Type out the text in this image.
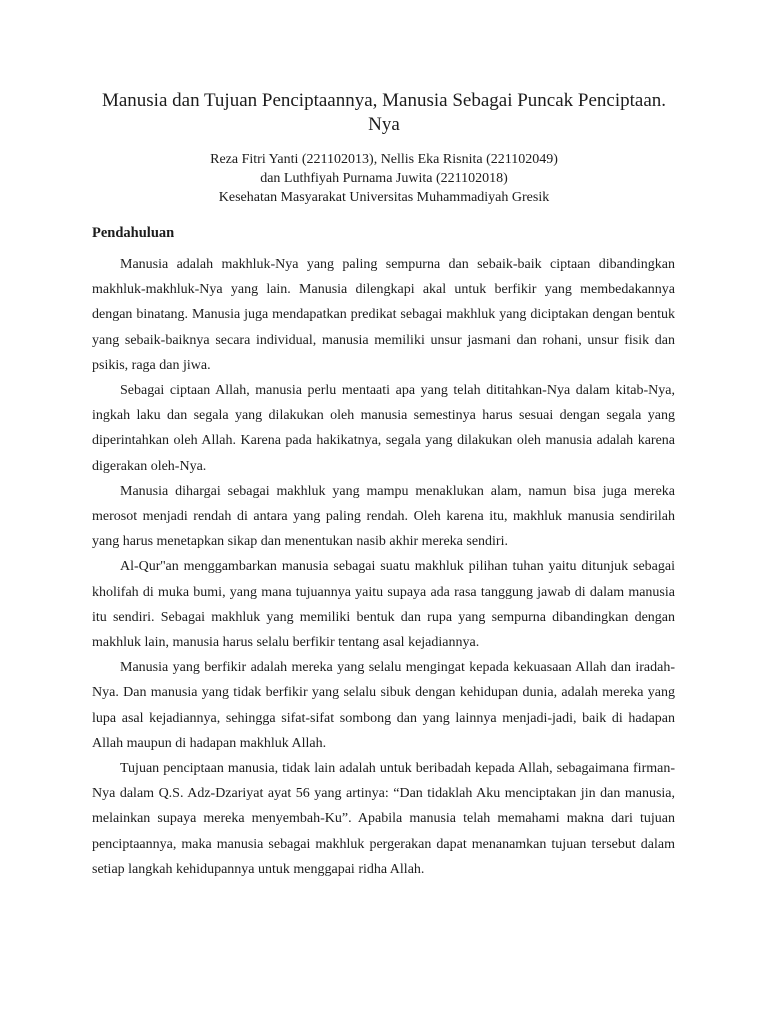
Manusia dan Tujuan Penciptaannya, Manusia Sebagai Puncak Penciptaan. Nya
Reza Fitri Yanti (221102013), Nellis Eka Risnita (221102049)
dan Luthfiyah Purnama Juwita (221102018)
Kesehatan Masyarakat Universitas Muhammadiyah Gresik
Pendahuluan

Manusia adalah makhluk-Nya yang paling sempurna dan sebaik-baik ciptaan dibandingkan makhluk-makhluk-Nya yang lain. Manusia dilengkapi akal untuk berfikir yang membedakannya dengan binatang. Manusia juga mendapatkan predikat sebagai makhluk yang diciptakan dengan bentuk yang sebaik-baiknya secara individual, manusia memiliki unsur jasmani dan rohani, unsur fisik dan psikis, raga dan jiwa.

Sebagai ciptaan Allah, manusia perlu mentaati apa yang telah dititahkan-Nya dalam kitab-Nya, ingkah laku dan segala yang dilakukan oleh manusia semestinya harus sesuai dengan segala yang diperintahkan oleh Allah. Karena pada hakikatnya, segala yang dilakukan oleh manusia adalah karena digerakan oleh-Nya.

Manusia dihargai sebagai makhluk yang mampu menaklukan alam, namun bisa juga mereka merosot menjadi rendah di antara yang paling rendah. Oleh karena itu, makhluk manusia sendirilah yang harus menetapkan sikap dan menentukan nasib akhir mereka sendiri.

Al-Qur''an menggambarkan manusia sebagai suatu makhluk pilihan tuhan yaitu ditunjuk sebagai kholifah di muka bumi, yang mana tujuannya yaitu supaya ada rasa tanggung jawab di dalam manusia itu sendiri. Sebagai makhluk yang memiliki bentuk dan rupa yang sempurna dibandingkan dengan makhluk lain, manusia harus selalu berfikir tentang asal kejadiannya.

Manusia yang berfikir adalah mereka yang selalu mengingat kepada kekuasaan Allah dan iradah-Nya. Dan manusia yang tidak berfikir yang selalu sibuk dengan kehidupan dunia, adalah mereka yang lupa asal kejadiannya, sehingga sifat-sifat sombong dan yang lainnya menjadi-jadi, baik di hadapan Allah maupun di hadapan makhluk Allah.

Tujuan penciptaan manusia, tidak lain adalah untuk beribadah kepada Allah, sebagaimana firman-Nya dalam Q.S. Adz-Dzariyat ayat 56 yang artinya: “Dan tidaklah Aku menciptakan jin dan manusia, melainkan supaya mereka menyembah-Ku”. Apabila manusia telah memahami makna dari tujuan penciptaannya, maka manusia sebagai makhluk pergerakan dapat menanamkan tujuan tersebut dalam setiap langkah kehidupannya untuk menggapai ridha Allah.
